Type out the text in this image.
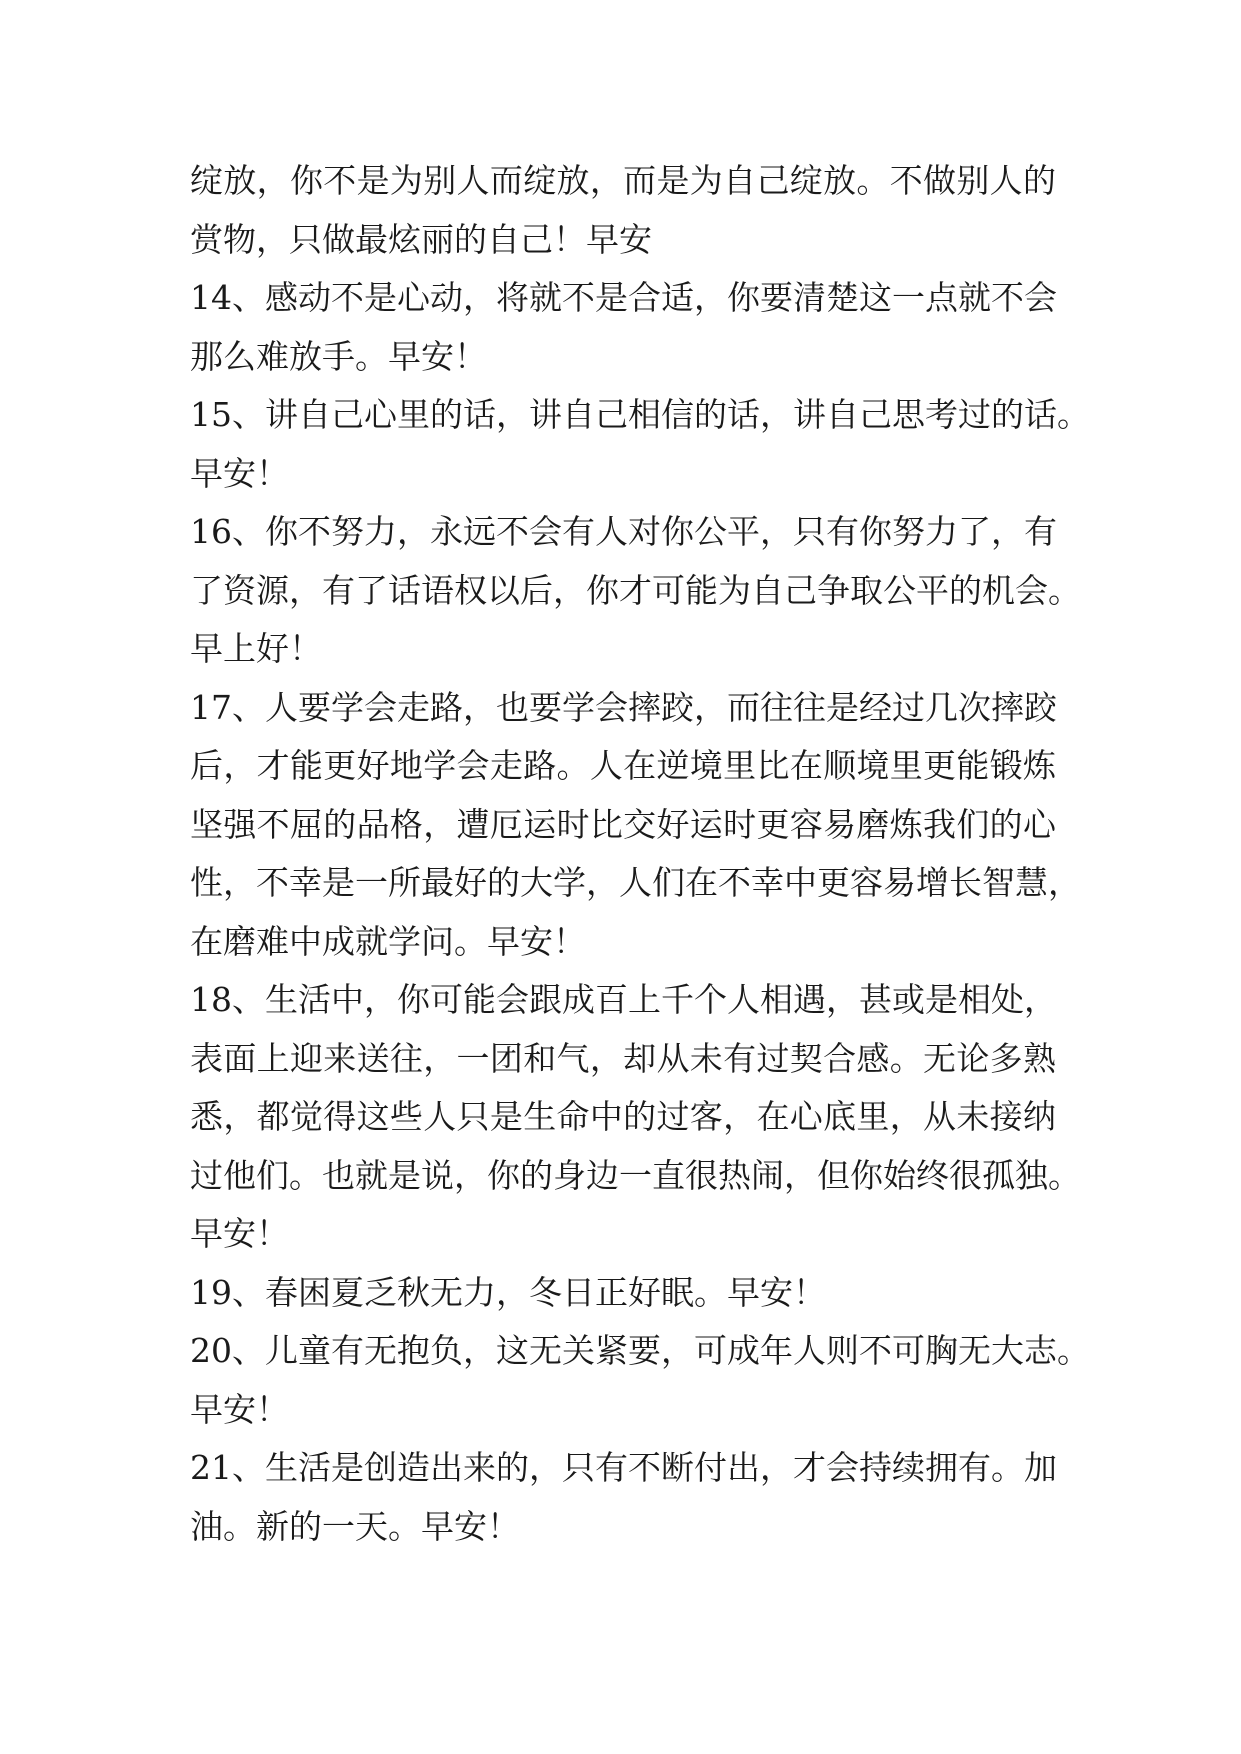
绽放，你不是为别人而绽放，而是为自己绽放。不做别人的
赏物，只做最炫丽的自己！早安
14、感动不是心动，将就不是合适，你要清楚这一点就不会
那么难放手。早安！
15、讲自己心里的话，讲自己相信的话，讲自己思考过的话。
早安！
16、你不努力，永远不会有人对你公平，只有你努力了，有
了资源，有了话语权以后，你才可能为自己争取公平的机会。
早上好！
17、人要学会走路，也要学会摔跤，而往往是经过几次摔跤
后，才能更好地学会走路。人在逆境里比在顺境里更能锻炼
坚强不屈的品格，遭厄运时比交好运时更容易磨炼我们的心
性，不幸是一所最好的大学，人们在不幸中更容易增长智慧，
在磨难中成就学问。早安！
18、生活中，你可能会跟成百上千个人相遇，甚或是相处，
表面上迎来送往，一团和气，却从未有过契合感。无论多熟
悉，都觉得这些人只是生命中的过客，在心底里，从未接纳
过他们。也就是说，你的身边一直很热闹，但你始终很孤独。
早安！
19、春困夏乏秋无力，冬日正好眠。早安！
20、儿童有无抱负，这无关紧要，可成年人则不可胸无大志。
早安！
21、生活是创造出来的，只有不断付出，才会持续拥有。加
油。新的一天。早安！
